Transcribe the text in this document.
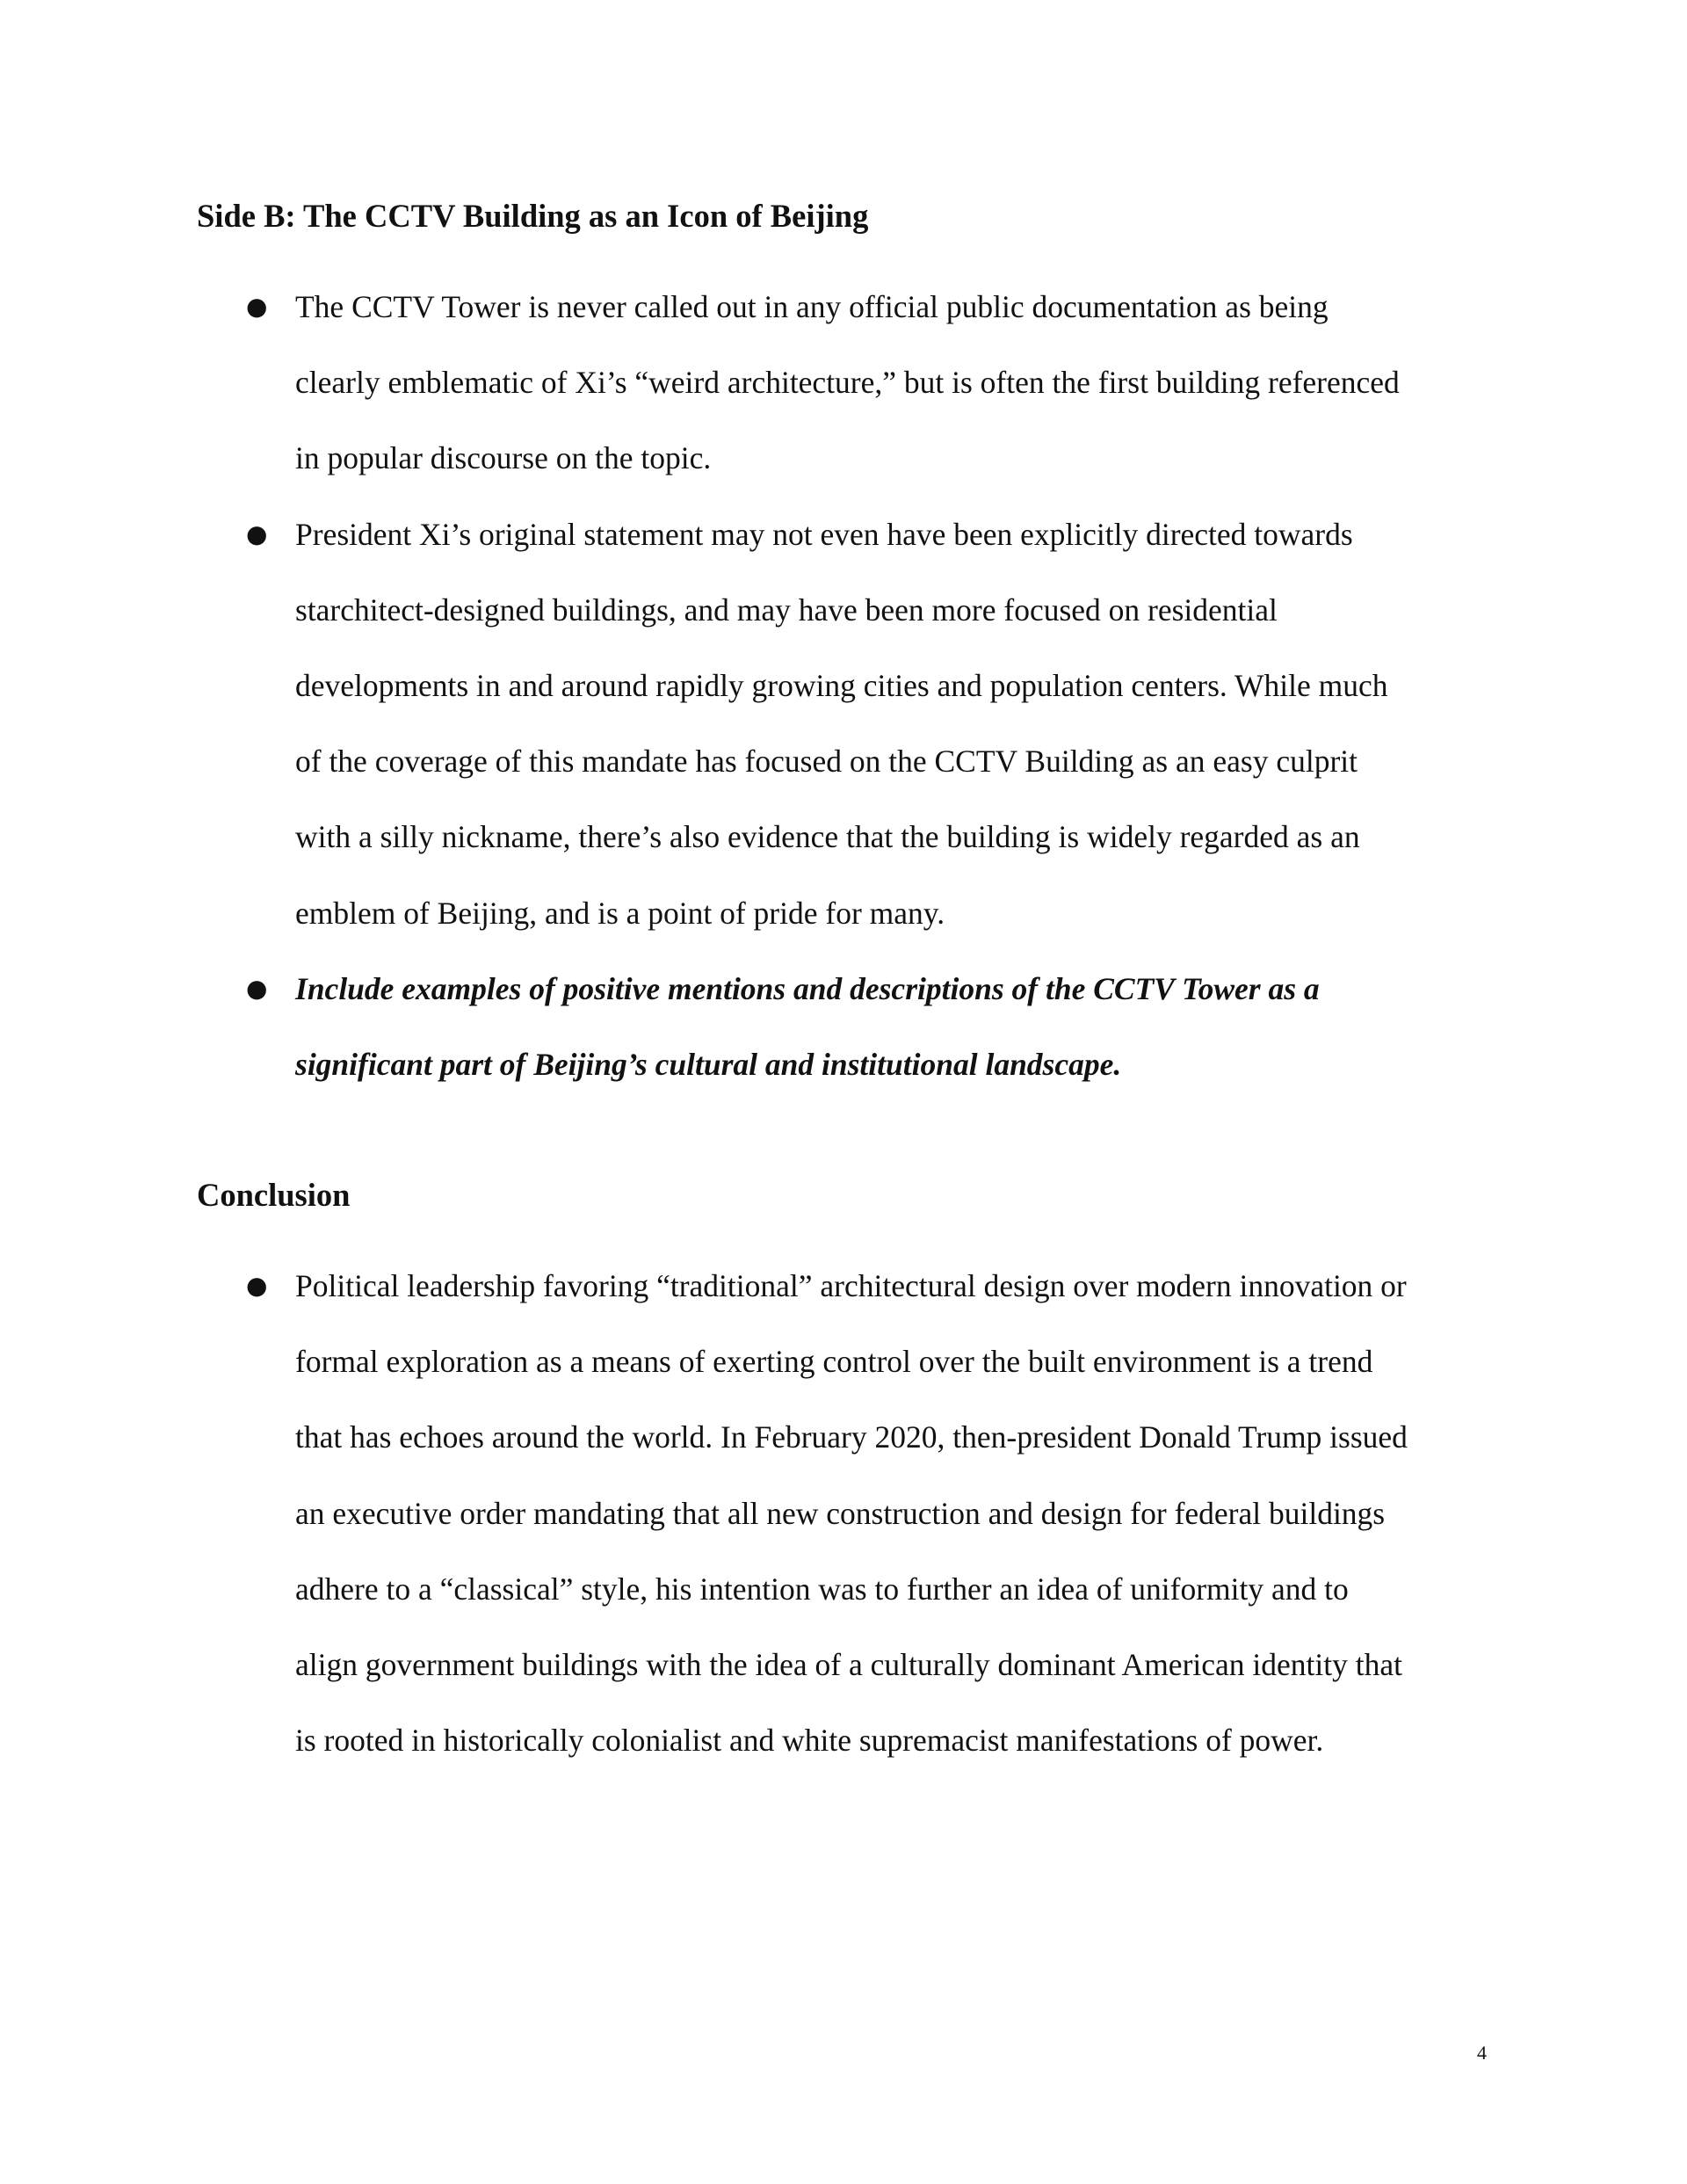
Side B: The CCTV Building as an Icon of Beijing
● The CCTV Tower is never called out in any official public documentation as being
clearly emblematic of Xi’s “weird architecture,” but is often the first building referenced
in popular discourse on the topic.

● President Xi’s original statement may not even have been explicitly directed towards
starchitect-designed buildings, and may have been more focused on residential
developments in and around rapidly growing cities and population centers. While much
of the coverage of this mandate has focused on the CCTV Building as an easy culprit
with a silly nickname, there’s also evidence that the building is widely regarded as an
emblem of Beijing, and is a point of pride for many.

● Include examples of positive mentions and descriptions of the CCTV Tower as a
significant part of Beijing’s cultural and institutional landscape.

Conclusion
● Political leadership favoring “traditional” architectural design over modern innovation or
formal exploration as a means of exerting control over the built environment is a trend
that has echoes around the world. In February 2020, then-president Donald Trump issued
an executive order mandating that all new construction and design for federal buildings
adhere to a “classical” style, his intention was to further an idea of uniformity and to
align government buildings with the idea of a culturally dominant American identity that
is rooted in historically colonialist and white supremacist manifestations of power.

4
